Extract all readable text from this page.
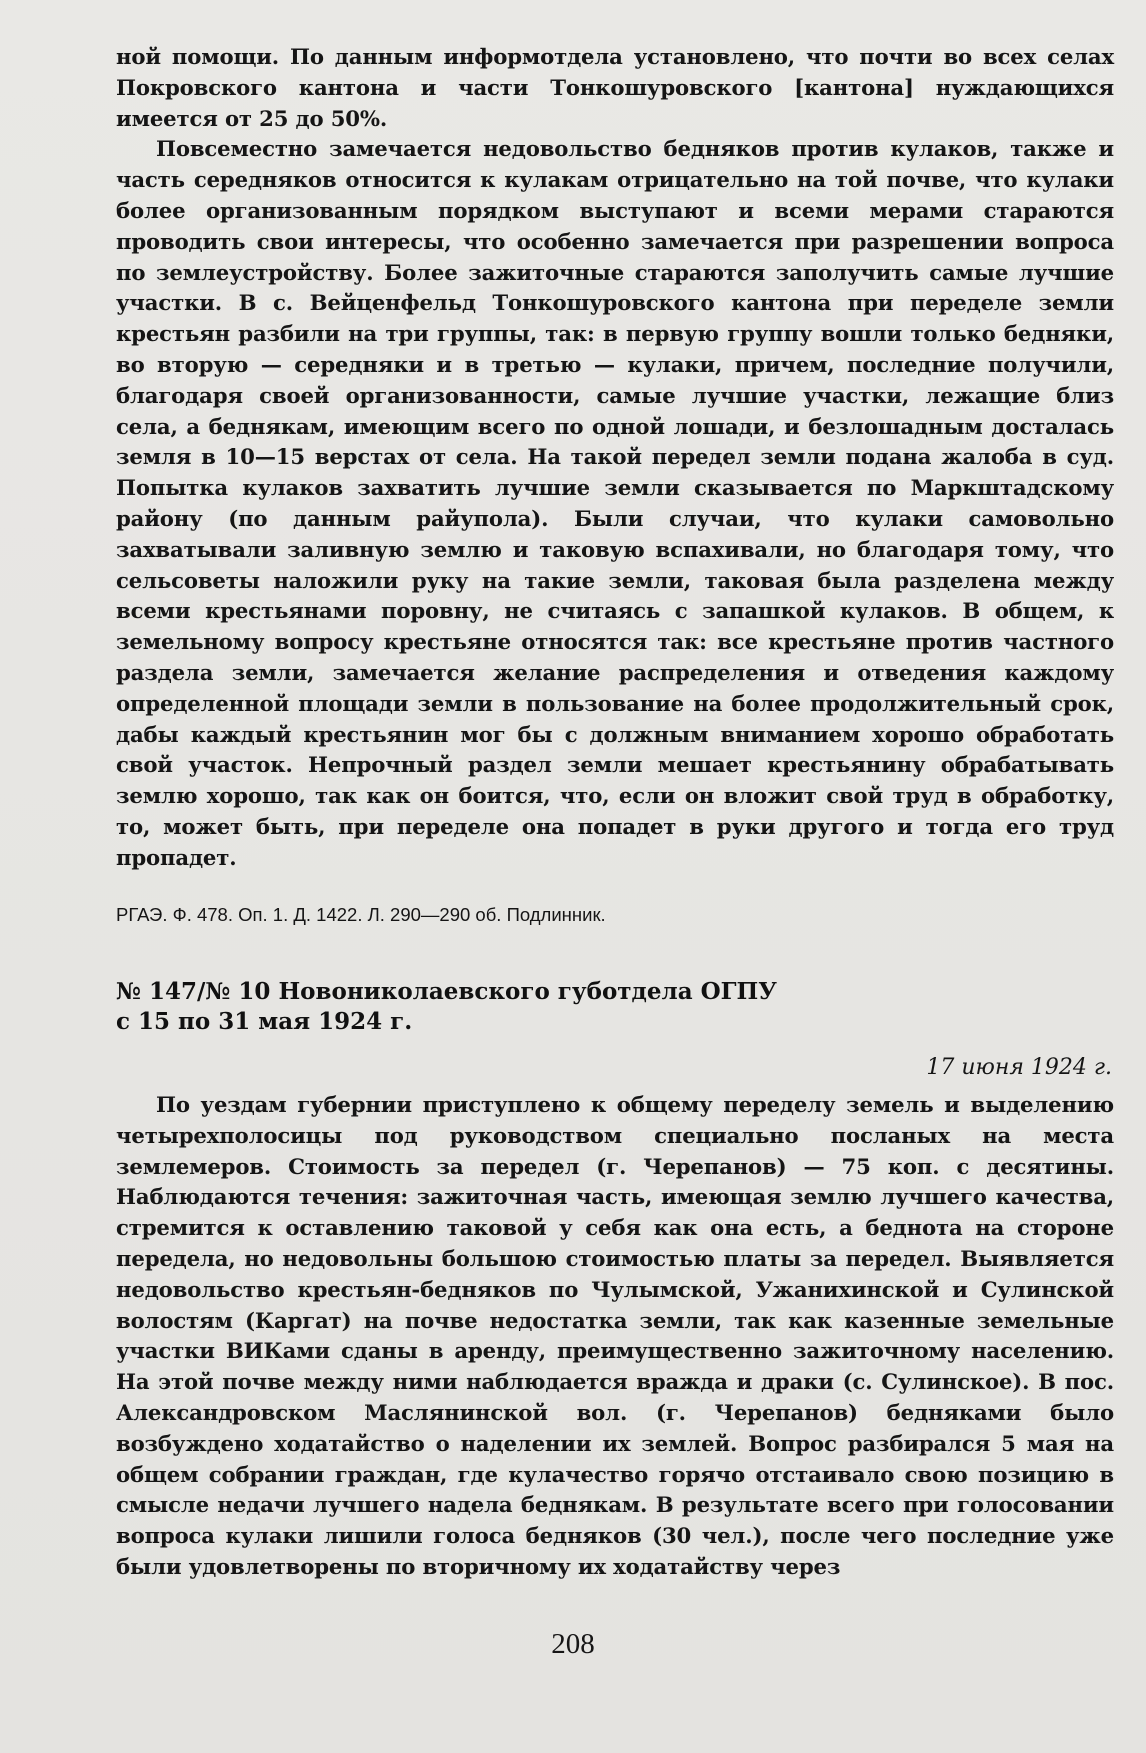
ной помощи. По данным информотдела установлено, что почти во всех селах Покровского кантона и части Тонкошуровского [кантона] нуждающихся имеется от 25 до 50%.

Повсеместно замечается недовольство бедняков против кулаков, также и часть середняков относится к кулакам отрицательно на той почве, что кулаки более организованным порядком выступают и всеми мерами стараются проводить свои интересы, что особенно замечается при разрешении вопроса по землеустройству. Более зажиточные стараются заполучить самые лучшие участки. В с. Вейценфельд Тонкошуровского кантона при переделе земли крестьян разбили на три группы, так: в первую группу вошли только бедняки, во вторую — середняки и в третью — кулаки, причем, последние получили, благодаря своей организованности, самые лучшие участки, лежащие близ села, а беднякам, имеющим всего по одной лошади, и безлошадным досталась земля в 10—15 верстах от села. На такой передел земли подана жалоба в суд. Попытка кулаков захватить лучшие земли сказывается по Маркштадскому району (по данным райупола). Были случаи, что кулаки самовольно захватывали заливную землю и таковую вспахивали, но благодаря тому, что сельсоветы наложили руку на такие земли, таковая была разделена между всеми крестьянами поровну, не считаясь с запашкой кулаков. В общем, к земельному вопросу крестьяне относятся так: все крестьяне против частного раздела земли, замечается желание распределения и отведения каждому определенной площади земли в пользование на более продолжительный срок, дабы каждый крестьянин мог бы с должным вниманием хорошо обработать свой участок. Непрочный раздел земли мешает крестьянину обрабатывать землю хорошо, так как он боится, что, если он вложит свой труд в обработку, то, может быть, при переделе она попадет в руки другого и тогда его труд пропадет.

РГАЭ. Ф. 478. Оп. 1. Д. 1422. Л. 290—290 об. Подлинник.

№ 147/№ 10 Новониколаевского губотдела ОГПУ
с 15 по 31 мая 1924 г.

17 июня 1924 г.

По уездам губернии приступлено к общему переделу земель и выделению четырехполосицы под руководством специально посланых на места землемеров. Стоимость за передел (г. Черепанов) — 75 коп. с десятины. Наблюдаются течения: зажиточная часть, имеющая землю лучшего качества, стремится к оставлению таковой у себя как она есть, а беднота на стороне передела, но недовольны большою стоимостью платы за передел. Выявляется недовольство крестьян-бедняков по Чулымской, Ужанихинской и Сулинской волостям (Каргат) на почве недостатка земли, так как казенные земельные участки ВИКами сданы в аренду, преимущественно зажиточному населению. На этой почве между ними наблюдается вражда и драки (с. Сулинское). В пос. Александровском Маслянинской вол. (г. Черепанов) бедняками было возбуждено ходатайство о наделении их землей. Вопрос разбирался 5 мая на общем собрании граждан, где кулачество горячо отстаивало свою позицию в смысле недачи лучшего надела беднякам. В результате всего при голосовании вопроса кулаки лишили голоса бедняков (30 чел.), после чего последние уже были удовлетворены по вторичному их ходатайству через

208
